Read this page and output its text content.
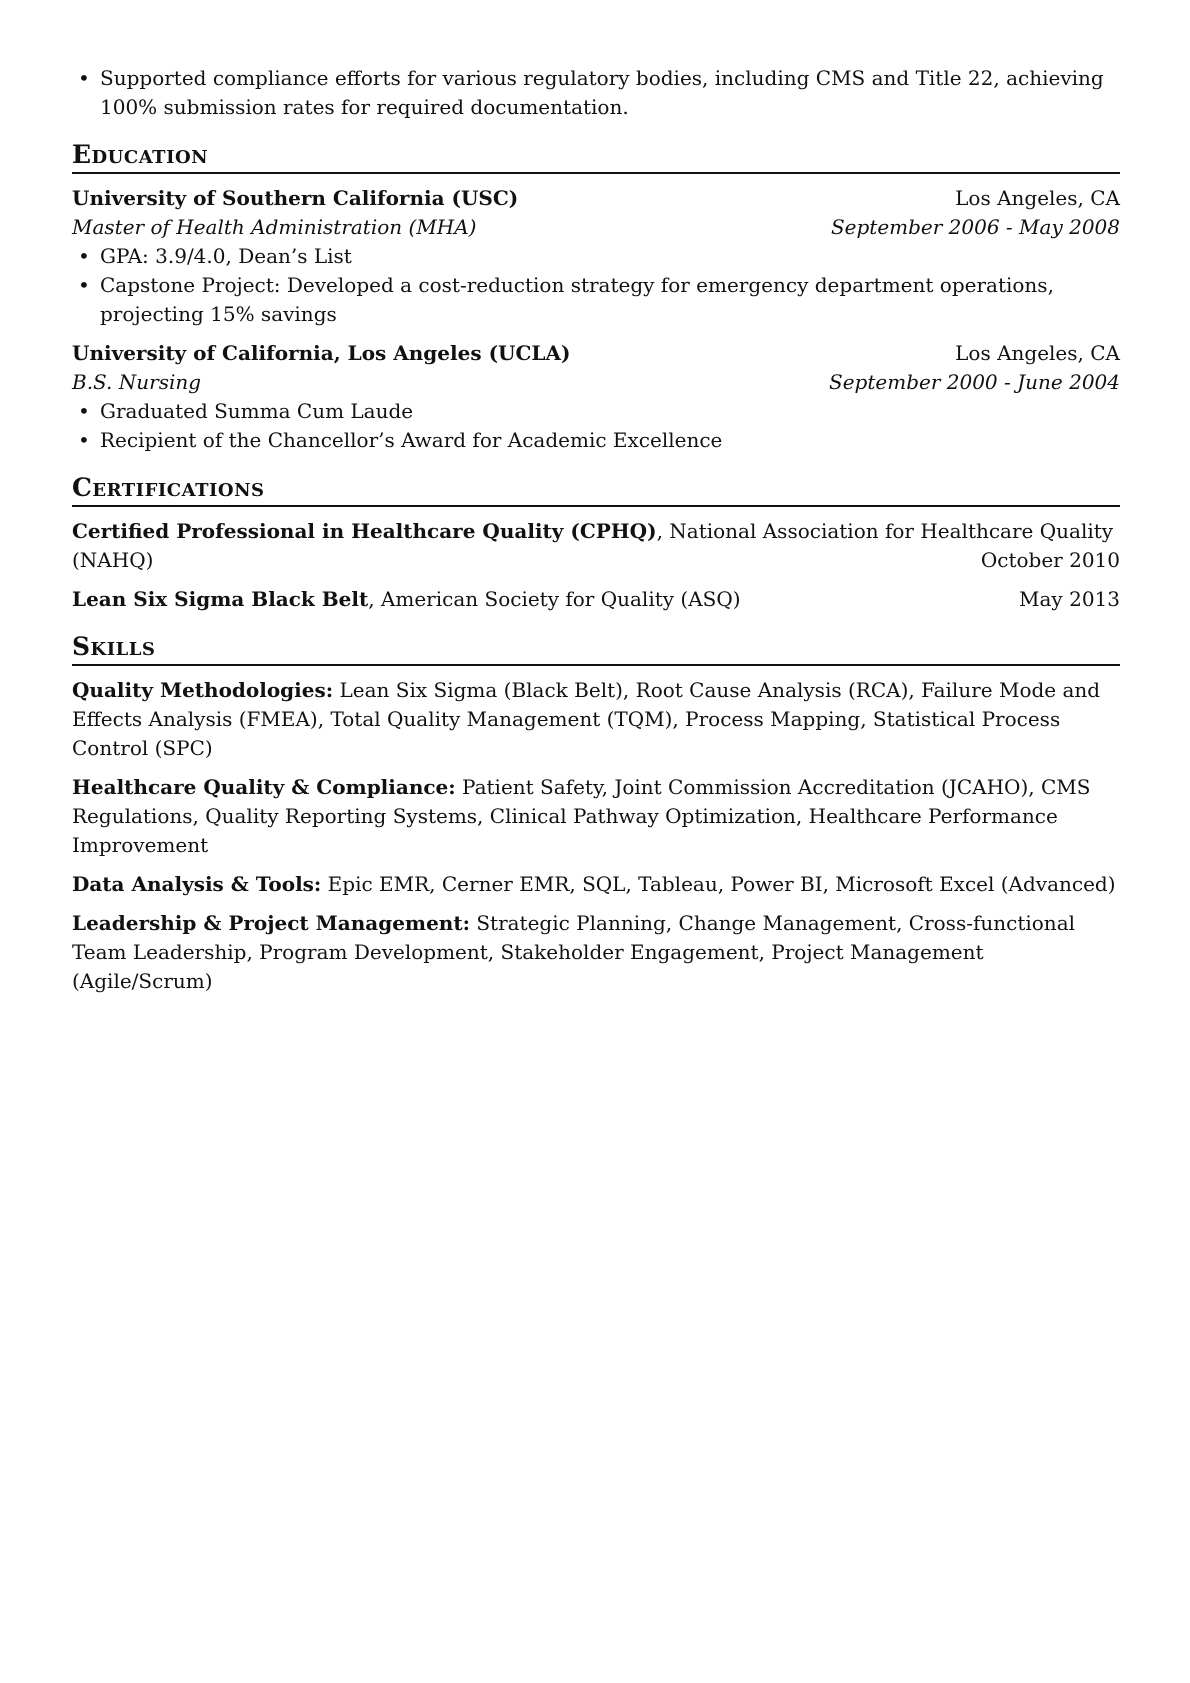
• Supported compliance efforts for various regulatory bodies, including CMS and Title 22, achieving 100% submission rates for required documentation.
Education
University of Southern California (USC)	Los Angeles, CA
Master of Health Administration (MHA)	September 2006 - May 2008
• GPA: 3.9/4.0, Dean’s List
• Capstone Project: Developed a cost-reduction strategy for emergency department operations, projecting 15% savings
University of California, Los Angeles (UCLA)	Los Angeles, CA
B.S. Nursing	September 2000 - June 2004
• Graduated Summa Cum Laude
• Recipient of the Chancellor’s Award for Academic Excellence
Certifications
Certified Professional in Healthcare Quality (CPHQ), National Association for Healthcare Quality
(NAHQ)	October 2010
Lean Six Sigma Black Belt, American Society for Quality (ASQ)	May 2013
Skills
Quality Methodologies: Lean Six Sigma (Black Belt), Root Cause Analysis (RCA), Failure Mode and Effects Analysis (FMEA), Total Quality Management (TQM), Process Mapping, Statistical Process Control (SPC)
Healthcare Quality & Compliance: Patient Safety, Joint Commission Accreditation (JCAHO), CMS Regulations, Quality Reporting Systems, Clinical Pathway Optimization, Healthcare Performance Improvement
Data Analysis & Tools: Epic EMR, Cerner EMR, SQL, Tableau, Power BI, Microsoft Excel (Advanced)
Leadership & Project Management: Strategic Planning, Change Management, Cross-functional Team Leadership, Program Development, Stakeholder Engagement, Project Management (Agile/Scrum)
